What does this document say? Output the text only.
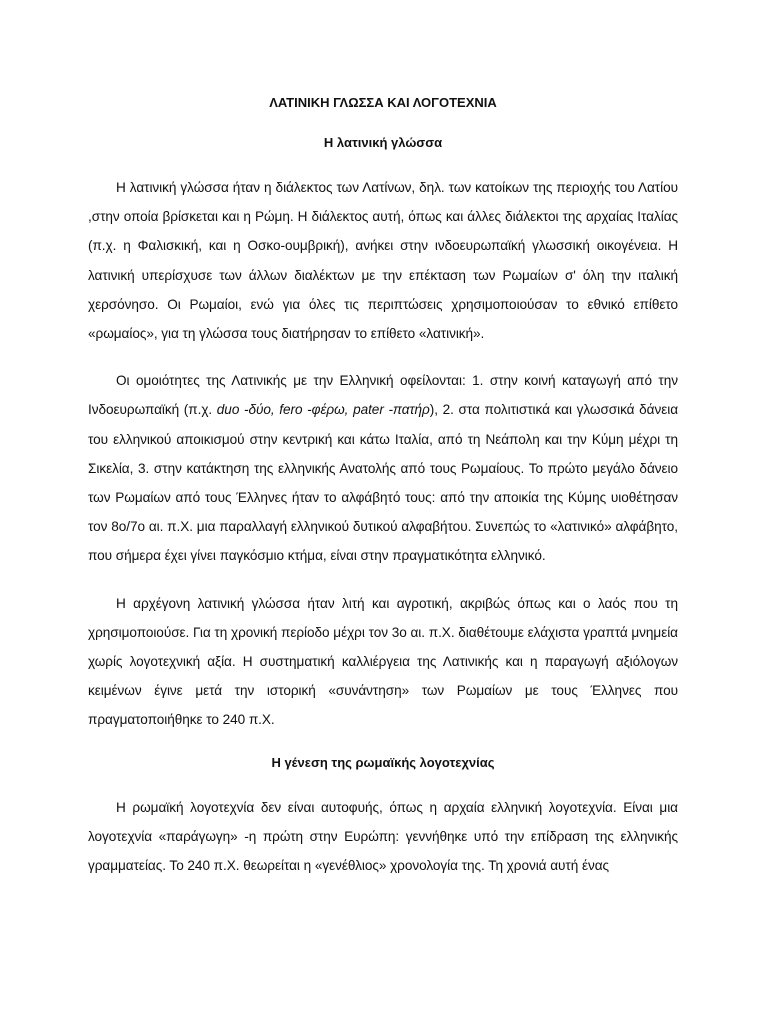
ΛΑΤΙΝΙΚΗ ΓΛΩΣΣΑ ΚΑΙ ΛΟΓΟΤΕΧΝΙΑ
Η λατινική γλώσσα

Η λατινική γλώσσα ήταν η διάλεκτος των Λατίνων, δηλ. των κατοίκων της περιοχής του Λατίου ,στην οποία βρίσκεται και η Ρώμη. Η διάλεκτος αυτή, όπως και άλλες διάλεκτοι της αρχαίας Ιταλίας (π.χ. η Φαλισκική, και η Οσκο-ουμβρική), ανήκει στην ινδοευρωπαϊκή γλωσσική οικογένεια. Η λατινική υπερίσχυσε των άλλων διαλέκτων με την επέκταση των Ρωμαίων σ' όλη την ιταλική χερσόνησο. Οι Ρωμαίοι, ενώ για όλες τις περιπτώσεις χρησιμοποιούσαν το εθνικό επίθετο «ρωμαίος», για τη γλώσσα τους διατήρησαν το επίθετο «λατινική».

Οι ομοιότητες της Λατινικής με την Ελληνική οφείλονται: 1. στην κοινή καταγωγή από την Ινδοευρωπαϊκή (π.χ. duo -δύο, fero -φέρω, pater -πατήρ), 2. στα πολιτιστικά και γλωσσικά δάνεια του ελληνικού αποικισμού στην κεντρική και κάτω Ιταλία, από τη Νεάπολη και την Κύμη μέχρι τη Σικελία, 3. στην κατάκτηση της ελληνικής Ανατολής από τους Ρωμαίους. Το πρώτο μεγάλο δάνειο των Ρωμαίων από τους Έλληνες ήταν το αλφάβητό τους: από την αποικία της Κύμης υιοθέτησαν τον 8ο/7ο αι. π.Χ. μια παραλλαγή ελληνικού δυτικού αλφαβήτου. Συνεπώς το «λατινικό» αλφάβητο, που σήμερα έχει γίνει παγκόσμιο κτήμα, είναι στην πραγματικότητα ελληνικό.

Η αρχέγονη λατινική γλώσσα ήταν λιτή και αγροτική, ακριβώς όπως και ο λαός που τη χρησιμοποιούσε. Για τη χρονική περίοδο μέχρι τον 3ο αι. π.Χ. διαθέτουμε ελάχιστα γραπτά μνημεία χωρίς λογοτεχνική αξία. Η συστηματική καλλιέργεια της Λατινικής και η παραγωγή αξιόλογων κειμένων έγινε μετά την ιστορική «συνάντηση» των Ρωμαίων με τους Έλληνες που πραγματοποιήθηκε το 240 π.Χ.

Η γένεση της ρωμαϊκής λογοτεχνίας

Η ρωμαϊκή λογοτεχνία δεν είναι αυτοφυής, όπως η αρχαία ελληνική λογοτεχνία. Είναι μια λογοτεχνία «παράγωγη» -η πρώτη στην Ευρώπη: γεννήθηκε υπό την επίδραση της ελληνικής γραμματείας. Το 240 π.Χ. θεωρείται η «γενέθλιος» χρονολογία της. Τη χρονιά αυτή ένας
